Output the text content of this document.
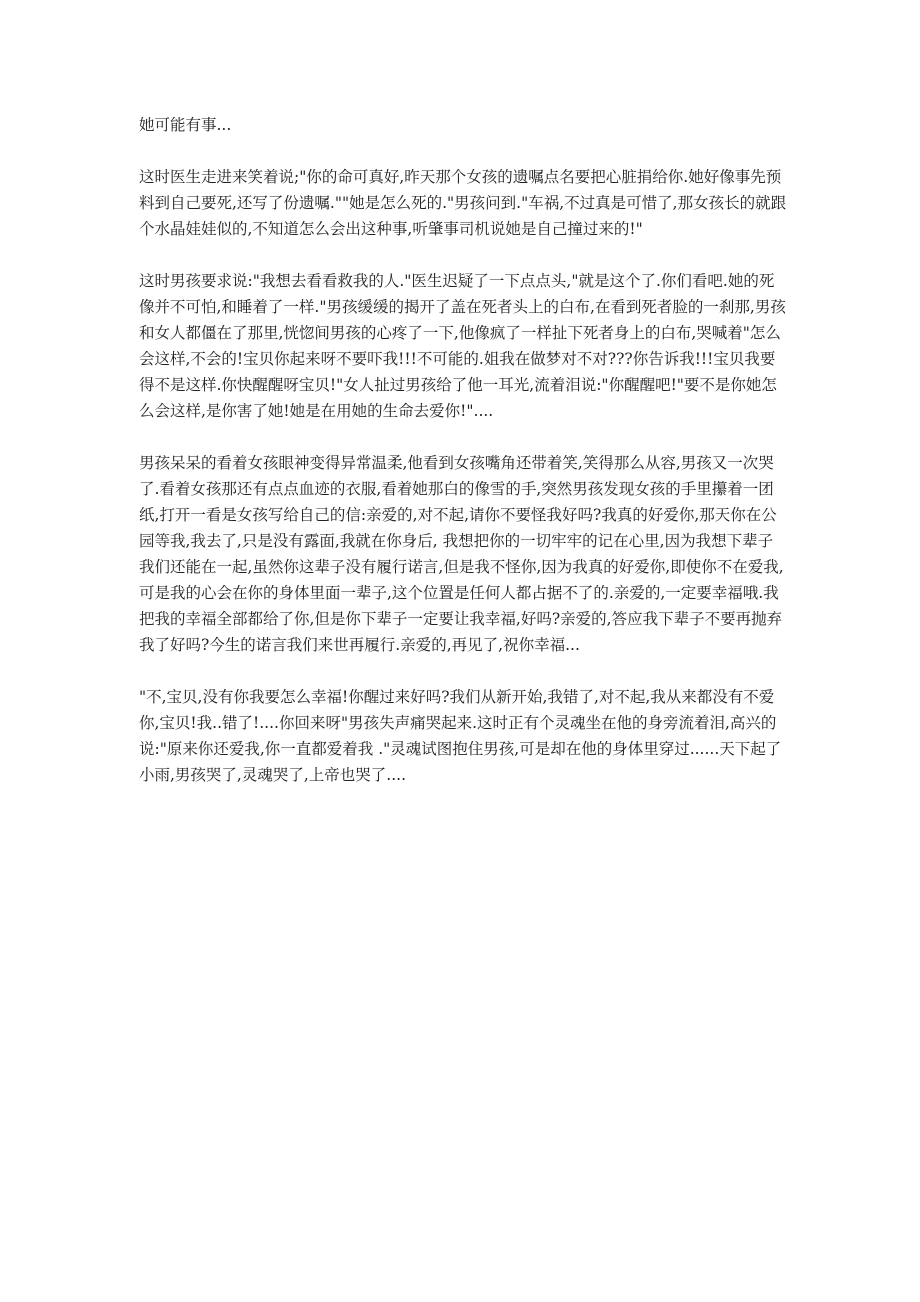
她可能有事...

这时医生走进来笑着说;"你的命可真好,昨天那个女孩的遗嘱点名要把心脏捐给你.她好像事先预料到自己要死,还写了份遗嘱.""她是怎么死的."男孩问到."车祸,不过真是可惜了,那女孩长的就跟个水晶娃娃似的,不知道怎么会出这种事,听肇事司机说她是自己撞过来的!"

这时男孩要求说:"我想去看看救我的人."医生迟疑了一下点点头,"就是这个了.你们看吧.她的死像并不可怕,和睡着了一样."男孩缓缓的揭开了盖在死者头上的白布,在看到死者脸的一刹那,男孩和女人都僵在了那里,恍惚间男孩的心疼了一下,他像疯了一样扯下死者身上的白布,哭喊着"怎么会这样,不会的!宝贝你起来呀不要吓我!!!不可能的.姐我在做梦对不对???你告诉我!!!宝贝我要得不是这样.你快醒醒呀宝贝!"女人扯过男孩给了他一耳光,流着泪说:"你醒醒吧!"要不是你她怎么会这样,是你害了她!她是在用她的生命去爱你!"....

男孩呆呆的看着女孩眼神变得异常温柔,他看到女孩嘴角还带着笑,笑得那么从容,男孩又一次哭了.看着女孩那还有点点血迹的衣服,看着她那白的像雪的手,突然男孩发现女孩的手里攥着一团纸,打开一看是女孩写给自己的信:亲爱的,对不起,请你不要怪我好吗?我真的好爱你,那天你在公园等我,我去了,只是没有露面,我就在你身后, 我想把你的一切牢牢的记在心里,因为我想下辈子我们还能在一起,虽然你这辈子没有履行诺言,但是我不怪你,因为我真的好爱你,即使你不在爱我,可是我的心会在你的身体里面一辈子,这个位置是任何人都占据不了的.亲爱的,一定要幸福哦.我把我的幸福全部都给了你,但是你下辈子一定要让我幸福,好吗?亲爱的,答应我下辈子不要再抛弃我了好吗?今生的诺言我们来世再履行.亲爱的,再见了,祝你幸福...

"不,宝贝,没有你我要怎么幸福!你醒过来好吗?我们从新开始,我错了,对不起,我从来都没有不爱你,宝贝!我..错了!....你回来呀"男孩失声痛哭起来.这时正有个灵魂坐在他的身旁流着泪,高兴的说:"原来你还爱我,你一直都爱着我 ."灵魂试图抱住男孩,可是却在他的身体里穿过......天下起了小雨,男孩哭了,灵魂哭了,上帝也哭了....
